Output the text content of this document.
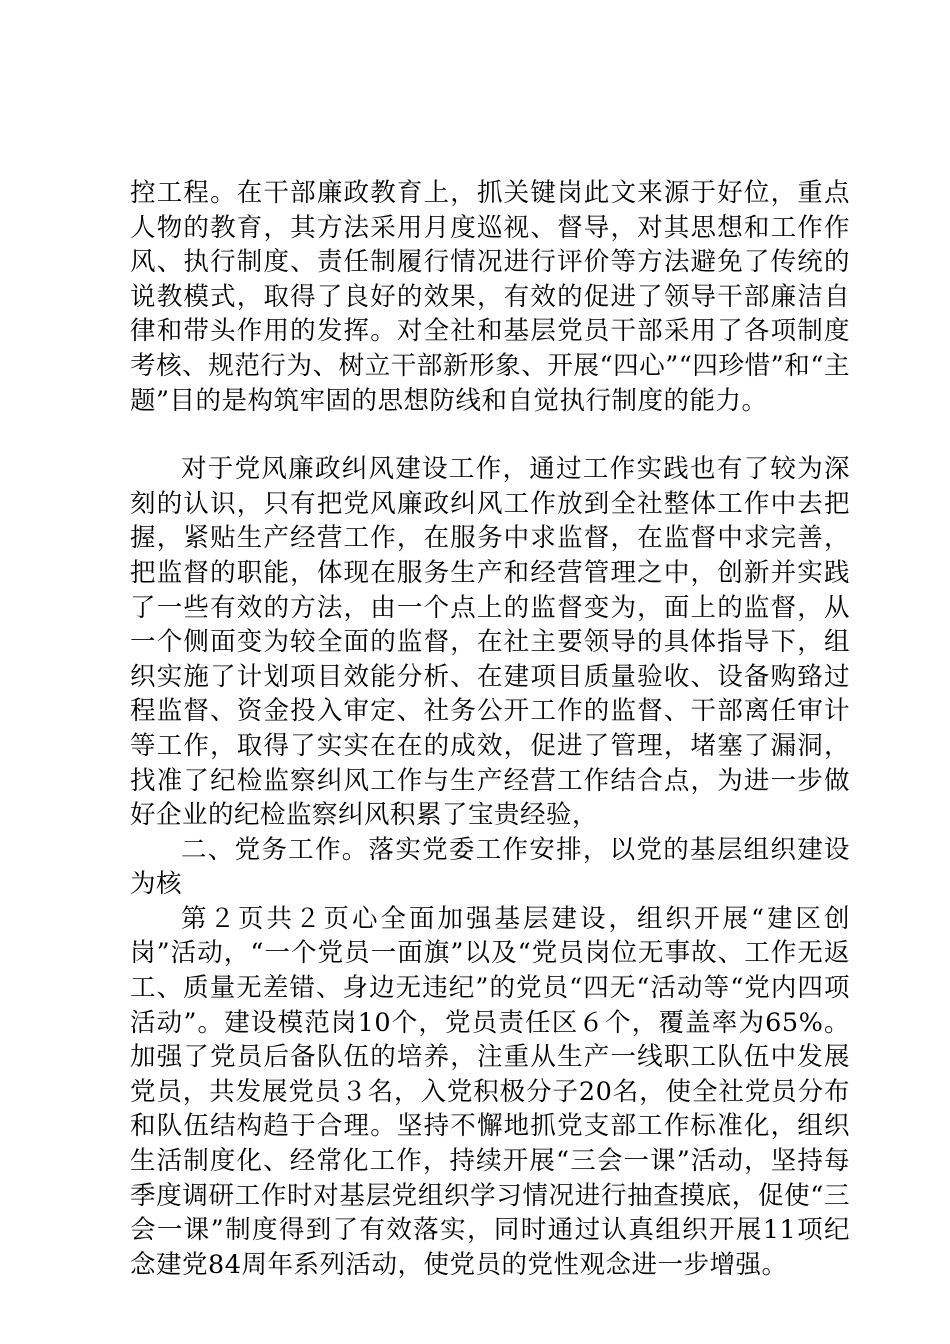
控工程。在干部廉政教育上，抓关键岗此文来源于好位，重点人物的教育，其方法采用月度巡视、督导，对其思想和工作作风、执行制度、责任制履行情况进行评价等方法避免了传统的说教模式，取得了良好的效果，有效的促进了领导干部廉洁自律和带头作用的发挥。对全社和基层党员干部采用了各项制度考核、规范行为、树立干部新形象、开展“四心”“四珍惜”和“主题”目的是构筑牢固的思想防线和自觉执行制度的能力。

对于党风廉政纠风建设工作，通过工作实践也有了较为深刻的认识，只有把党风廉政纠风工作放到全社整体工作中去把握，紧贴生产经营工作，在服务中求监督，在监督中求完善，把监督的职能，体现在服务生产和经营管理之中，创新并实践了一些有效的方法，由一个点上的监督变为，面上的监督，从一个侧面变为较全面的监督，在社主要领导的具体指导下，组织实施了计划项目效能分析、在建项目质量验收、设备购臵过程监督、资金投入审定、社务公开工作的监督、干部离任审计等工作，取得了实实在在的成效，促进了管理，堵塞了漏洞，找准了纪检监察纠风工作与生产经营工作结合点，为进一步做好企业的纪检监察纠风积累了宝贵经验，

二、党务工作。落实党委工作安排，以党的基层组织建设为核

第２页共２页心全面加强基层建设，组织开展“建区创岗”活动，“一个党员一面旗”以及“党员岗位无事故、工作无返工、质量无差错、身边无违纪”的党员“四无“活动等“党内四项活动”。建设模范岗10个，党员责任区６个，覆盖率为65%。加强了党员后备队伍的培养，注重从生产一线职工队伍中发展党员，共发展党员３名，入党积极分子20名，使全社党员分布和队伍结构趋于合理。坚持不懈地抓党支部工作标准化，组织生活制度化、经常化工作，持续开展“三会一课”活动，坚持每季度调研工作时对基层党组织学习情况进行抽查摸底，促使“三会一课”制度得到了有效落实，同时通过认真组织开展11项纪念建党84周年系列活动，使党员的党性观念进一步增强。
